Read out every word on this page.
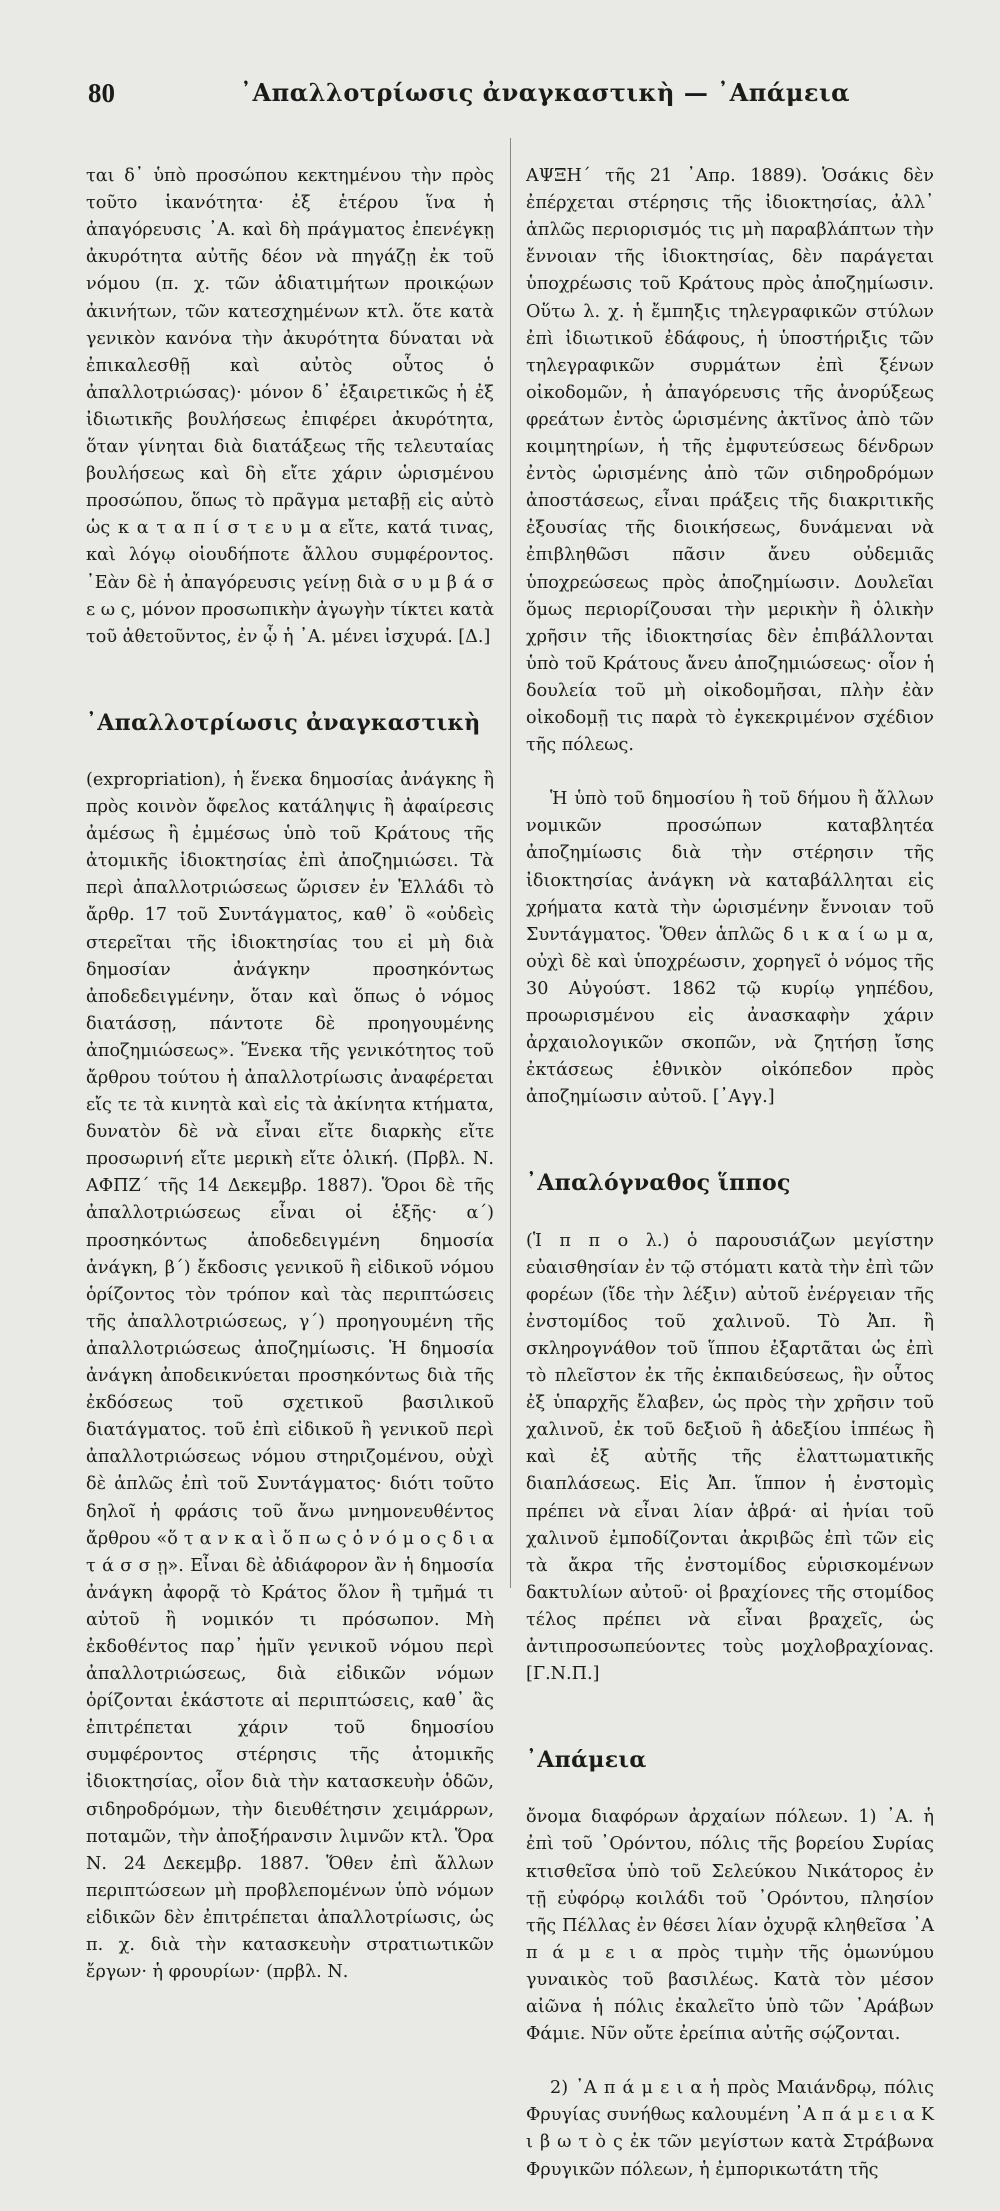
80	᾿Απαλλοτρίωσις ἀναγκαστικὴ — ᾿Απάμεια

ται δ᾽ ὑπὸ προσώπου κεκτημένου τὴν πρὸς τοῦτο ἱκανότητα· ἐξ ἑτέρου ἵνα ἡ ἀπαγόρευσις ᾽Α. καὶ δὴ πράγματος ἐπενέγκῃ ἀκυρότητα αὐτῆς δέον νὰ πηγάζῃ ἐκ τοῦ νόμου (π. χ. τῶν ἀδιατιμήτων προικῴων ἀκινήτων, τῶν κατεσχημένων κτλ. ὅτε κατὰ γενικὸν κανόνα τὴν ἀκυρότητα δύναται νὰ ἐπικαλεσθῇ καὶ αὐτὸς οὗτος ὁ ἀπαλλοτριώσας)· μόνον δ᾽ ἐξαιρετικῶς ἡ ἐξ ἰδιωτικῆς βουλήσεως ἐπιφέρει ἀκυρότητα, ὅταν γίνηται διὰ διατάξεως τῆς τελευταίας βουλήσεως καὶ δὴ εἴτε χάριν ὡρισμένου προσώπου, ὅπως τὸ πρᾶγμα μεταβῇ εἰς αὐτὸ ὡς κ α τ α π ί σ τ ε υ μ α εἴτε, κατά τινας, καὶ λόγῳ οἱουδήποτε ἄλλου συμφέροντος. ᾽Εὰν δὲ ἡ ἀπαγόρευσις γείνῃ διὰ σ υ μ β ά σ ε ω ς, μόνον προσωπικὴν ἀγωγὴν τίκτει κατὰ τοῦ ἀθετοῦντος, ἐν ᾧ ἡ ᾽Α. μένει ἰσχυρά. [Δ.]

᾿Απαλλοτρίωσις ἀναγκαστικὴ

(expropriation), ἡ ἕνεκα δημοσίας ἀνάγκης ἢ πρὸς κοινὸν ὄφελος κατάληψις ἢ ἀφαίρεσις ἀμέσως ἢ ἐμμέσως ὑπὸ τοῦ Κράτους τῆς ἀτομικῆς ἰδιοκτησίας ἐπὶ ἀποζημιώσει. Τὰ περὶ ἀπαλλοτριώσεως ὥρισεν ἐν Ἑλλάδι τὸ ἄρθρ. 17 τοῦ Συντάγματος, καθ᾽ ὃ «οὐδεὶς στερεῖται τῆς ἰδιοκτησίας του εἰ μὴ διὰ δημοσίαν ἀνάγκην προσηκόντως ἀποδεδειγμένην, ὅταν καὶ ὅπως ὁ νόμος διατάσσῃ, πάντοτε δὲ προηγουμένης ἀποζημιώσεως». Ἕνεκα τῆς γενικότητος τοῦ ἄρθρου τούτου ἡ ἀπαλλοτρίωσις ἀναφέρεται εἴς τε τὰ κινητὰ καὶ εἰς τὰ ἀκίνητα κτήματα, δυνατὸν δὲ νὰ εἶναι εἴτε διαρκὴς εἴτε προσωρινή εἴτε μερικὴ εἴτε ὁλική. (Πρβλ. Ν. ΑΦΠΖ΄ τῆς 14 Δεκεμβρ. 1887). Ὅροι δὲ τῆς ἀπαλλοτριώσεως εἶναι οἱ ἑξῆς· α΄) προσηκόντως ἀποδεδειγμένη δημοσία ἀνάγκη, β΄) ἔκδοσις γενικοῦ ἢ εἰδικοῦ νόμου ὁρίζοντος τὸν τρόπον καὶ τὰς περιπτώσεις τῆς ἀπαλλοτριώσεως, γ΄) προηγουμένη τῆς ἀπαλλοτριώσεως ἀποζημίωσις. Ἡ δημοσία ἀνάγκη ἀποδεικνύεται προσηκόντως διὰ τῆς ἐκδόσεως τοῦ σχετικοῦ βασιλικοῦ διατάγματος. τοῦ ἐπὶ εἰδικοῦ ἢ γενικοῦ περὶ ἀπαλλοτριώσεως νόμου στηριζομένου, οὐχὶ δὲ ἁπλῶς ἐπὶ τοῦ Συντάγματος· διότι τοῦτο δηλοῖ ἡ φράσις τοῦ ἄνω μνημονευθέντος ἄρθρου «ὅ τ α ν κ α ὶ ὅ π ω ς ὁ ν ό μ ο ς δ ι α τ ά σ σ ῃ». Εἶναι δὲ ἀδιάφορον ἂν ἡ δημοσία ἀνάγκη ἀφορᾷ τὸ Κράτος ὅλον ἢ τμῆμά τι αὐτοῦ ἢ νομικόν τι πρόσωπον. Μὴ ἐκδοθέντος παρ᾽ ἡμῖν γενικοῦ νόμου περὶ ἀπαλλοτριώσεως, διὰ εἰδικῶν νόμων ὁρίζονται ἑκάστοτε αἱ περιπτώσεις, καθ᾽ ἃς ἐπιτρέπεται χάριν τοῦ δημοσίου συμφέροντος στέρησις τῆς ἀτομικῆς ἰδιοκτησίας, οἷον διὰ τὴν κατασκευὴν ὁδῶν, σιδηροδρόμων, τὴν διευθέτησιν χειμάρρων, ποταμῶν, τὴν ἀποξήρανσιν λιμνῶν κτλ. Ὅρα Ν. 24 Δεκεμβρ. 1887. Ὅθεν ἐπὶ ἄλλων περιπτώσεων μὴ προβλεπομένων ὑπὸ νόμων εἰδικῶν δὲν ἐπιτρέπεται ἀπαλλοτρίωσις, ὡς π. χ. διὰ τὴν κατασκευὴν στρατιωτικῶν ἔργων· ἡ φρουρίων· (πρβλ. Ν.

ΑΨΞΗ΄ τῆς 21 ᾽Απρ. 1889). Ὁσάκις δὲν ἐπέρχεται στέρησις τῆς ἰδιοκτησίας, ἀλλ᾽ ἁπλῶς περιορισμός τις μὴ παραβλάπτων τὴν ἔννοιαν τῆς ἰδιοκτησίας, δὲν παράγεται ὑποχρέωσις τοῦ Κράτους πρὸς ἀποζημίωσιν. Οὕτω λ. χ. ἡ ἔμπηξις τηλεγραφικῶν στύλων ἐπὶ ἰδιωτικοῦ ἐδάφους, ἡ ὑποστήριξις τῶν τηλεγραφικῶν συρμάτων ἐπὶ ξένων οἰκοδομῶν, ἡ ἀπαγόρευσις τῆς ἀνορύξεως φρεάτων ἐντὸς ὡρισμένης ἀκτῖνος ἀπὸ τῶν κοιμητηρίων, ἡ τῆς ἐμφυτεύσεως δένδρων ἐντὸς ὡρισμένης ἀπὸ τῶν σιδηροδρόμων ἀποστάσεως, εἶναι πράξεις τῆς διακριτικῆς ἐξουσίας τῆς διοικήσεως, δυνάμεναι νὰ ἐπιβληθῶσι πᾶσιν ἄνευ οὐδεμιᾶς ὑποχρεώσεως πρὸς ἀποζημίωσιν. Δουλεῖαι ὅμως περιορίζουσαι τὴν μερικὴν ἢ ὁλικὴν χρῆσιν τῆς ἰδιοκτησίας δὲν ἐπιβάλλονται ὑπὸ τοῦ Κράτους ἄνευ ἀποζημιώσεως· οἷον ἡ δουλεία τοῦ μὴ οἰκοδομῆσαι, πλὴν ἐὰν οἰκοδομῇ τις παρὰ τὸ ἐγκεκριμένον σχέδιον τῆς πόλεως.

Ἡ ὑπὸ τοῦ δημοσίου ἢ τοῦ δήμου ἢ ἄλλων νομικῶν προσώπων καταβλητέα ἀποζημίωσις διὰ τὴν στέρησιν τῆς ἰδιοκτησίας ἀνάγκη νὰ καταβάλληται εἰς χρήματα κατὰ τὴν ὡρισμένην ἔννοιαν τοῦ Συντάγματος. Ὅθεν ἁπλῶς δ ι κ α ί ω μ α, οὐχὶ δὲ καὶ ὑποχρέωσιν, χορηγεῖ ὁ νόμος τῆς 30 Αὐγούστ. 1862 τῷ κυρίῳ γηπέδου, προωρισμένου εἰς ἀνασκαφὴν χάριν ἀρχαιολογικῶν σκοπῶν, νὰ ζητήσῃ ἴσης ἐκτάσεως ἐθνικὸν οἰκόπεδον πρὸς ἀποζημίωσιν αὐτοῦ. [᾽Αγγ.]

᾿Απαλόγναθος ἵππος

(Ἱ π π ο λ.) ὁ παρουσιάζων μεγίστην εὐαισθησίαν ἐν τῷ στόματι κατὰ τὴν ἐπὶ τῶν φορέων (ἴδε τὴν λέξιν) αὐτοῦ ἐνέργειαν τῆς ἐνστομίδος τοῦ χαλινοῦ. Τὸ Ἀπ. ἢ σκληρογνάθον τοῦ ἵππου ἐξαρτᾶται ὡς ἐπὶ τὸ πλεῖστον ἐκ τῆς ἐκπαιδεύσεως, ἣν οὗτος ἐξ ὑπαρχῆς ἔλαβεν, ὡς πρὸς τὴν χρῆσιν τοῦ χαλινοῦ, ἐκ τοῦ δεξιοῦ ἢ ἀδεξίου ἱππέως ἢ καὶ ἐξ αὐτῆς τῆς ἐλαττωματικῆς διαπλάσεως. Εἰς Ἀπ. ἵππον ἡ ἐνστομὶς πρέπει νὰ εἶναι λίαν ἁβρά· αἱ ἡνίαι τοῦ χαλινοῦ ἐμποδίζονται ἀκριβῶς ἐπὶ τῶν εἰς τὰ ἄκρα τῆς ἐνστομίδος εὑρισκομένων δακτυλίων αὐτοῦ· οἱ βραχίονες τῆς στομίδος τέλος πρέπει νὰ εἶναι βραχεῖς, ὡς ἀντιπροσωπεύοντες τοὺς μοχλοβραχίονας. [Γ.Ν.Π.]

᾿Απάμεια

ὄνομα διαφόρων ἀρχαίων πόλεων. 1) ᾽Α. ἡ ἐπὶ τοῦ ᾽Ορόντου, πόλις τῆς βορείου Συρίας κτισθεῖσα ὑπὸ τοῦ Σελεύκου Νικάτορος ἐν τῇ εὐφόρῳ κοιλάδι τοῦ ᾽Ορόντου, πλησίον τῆς Πέλλας ἐν θέσει λίαν ὀχυρᾷ κληθεῖσα ᾽Α π ά μ ε ι α πρὸς τιμὴν τῆς ὁμωνύμου γυναικὸς τοῦ βασιλέως. Κατὰ τὸν μέσον αἰῶνα ἡ πόλις ἐκαλεῖτο ὑπὸ τῶν ᾽Αράβων Φάμιε. Νῦν οὔτε ἐρείπια αὐτῆς σῴζονται.

2) ᾽Α π ά μ ε ι α ἡ πρὸς Μαιάνδρῳ, πόλις Φρυγίας συνήθως καλουμένη ᾽Α π ά μ ε ι α Κ ι β ω τ ὸ ς ἐκ τῶν μεγίστων κατὰ Στράβωνα Φρυγικῶν πόλεων, ἡ ἐμπορικωτάτη τῆς
